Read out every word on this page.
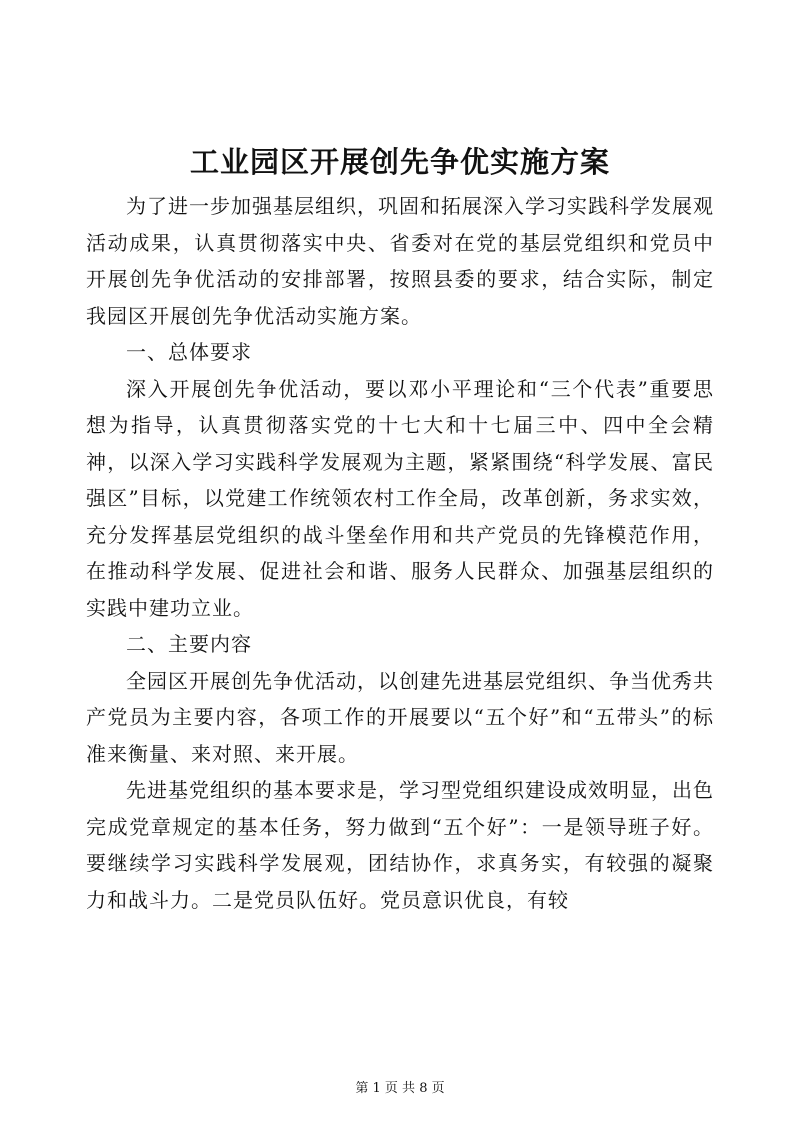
工业园区开展创先争优实施方案

为了进一步加强基层组织，巩固和拓展深入学习实践科学发展观活动成果，认真贯彻落实中央、省委对在党的基层党组织和党员中开展创先争优活动的安排部署，按照县委的要求，结合实际，制定我园区开展创先争优活动实施方案。

一、总体要求

深入开展创先争优活动，要以邓小平理论和“三个代表”重要思想为指导，认真贯彻落实党的十七大和十七届三中、四中全会精神，以深入学习实践科学发展观为主题，紧紧围绕“科学发展、富民强区”目标，以党建工作统领农村工作全局，改革创新，务求实效，充分发挥基层党组织的战斗堡垒作用和共产党员的先锋模范作用，在推动科学发展、促进社会和谐、服务人民群众、加强基层组织的实践中建功立业。

二、主要内容

全园区开展创先争优活动，以创建先进基层党组织、争当优秀共产党员为主要内容，各项工作的开展要以“五个好”和“五带头”的标准来衡量、来对照、来开展。

先进基党组织的基本要求是，学习型党组织建设成效明显，出色完成党章规定的基本任务，努力做到“五个好”：一是领导班子好。要继续学习实践科学发展观，团结协作，求真务实，有较强的凝聚力和战斗力。二是党员队伍好。党员意识优良，有较

第 1 页 共 8 页
